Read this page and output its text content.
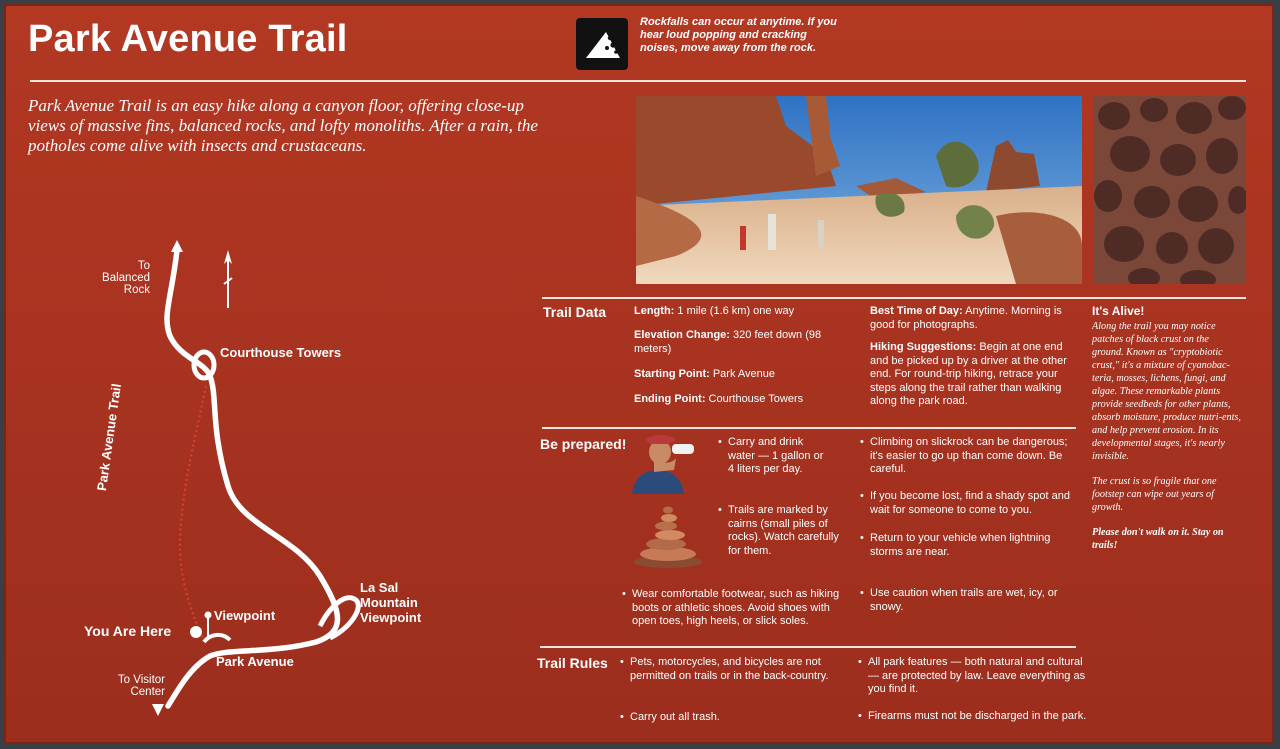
Park Avenue Trail	Rockfalls can occur at anytime. If you hear loud popping and cracking noises, move away from the rock.
Park Avenue Trail is an easy hike along a canyon floor, offering close-up views of massive fins, balanced rocks, and lofty monoliths. After a rain, the potholes come alive with insects and crustaceans.
To Balanced Rock
Courthouse Towers
Park Avenue Trail
La Sal Mountain Viewpoint
Viewpoint
You Are Here
Park Avenue
To Visitor Center
Trail Data	Length: 1 mile (1.6 km) one way
Elevation Change: 320 feet down (98 meters)
Starting Point: Park Avenue
Ending Point: Courthouse Towers
Best Time of Day: Anytime. Morning is good for photographs.
Hiking Suggestions: Begin at one end and be picked up by a driver at the other end. For round-trip hiking, retrace your steps along the trail rather than walking along the park road.
Be prepared!	• Carry and drink water — 1 gallon or 4 liters per day.
• Trails are marked by cairns (small piles of rocks). Watch carefully for them.
• Wear comfortable footwear, such as hiking boots or athletic shoes. Avoid shoes with open toes, high heels, or slick soles.
• Climbing on slickrock can be dangerous; it's easier to go up than come down. Be careful.
• If you become lost, find a shady spot and wait for someone to come to you.
• Return to your vehicle when lightning storms are near.
• Use caution when trails are wet, icy, or snowy.
Trail Rules	• Pets, motorcycles, and bicycles are not permitted on trails or in the back-country.
• Carry out all trash.
• All park features — both natural and cultural — are protected by law. Leave everything as you find it.
• Firearms must not be discharged in the park.
It's Alive!

Along the trail you may notice patches of black crust on the ground. Known as "cryptobiotic crust," it's a mixture of cyanobac-teria, mosses, lichens, fungi, and algae. These remarkable plants provide seedbeds for other plants, absorb moisture, produce nutri-ents, and help prevent erosion. In its developmental stages, it's nearly invisible.

The crust is so fragile that one footstep can wipe out years of growth.

Please don't walk on it. Stay on trails!
